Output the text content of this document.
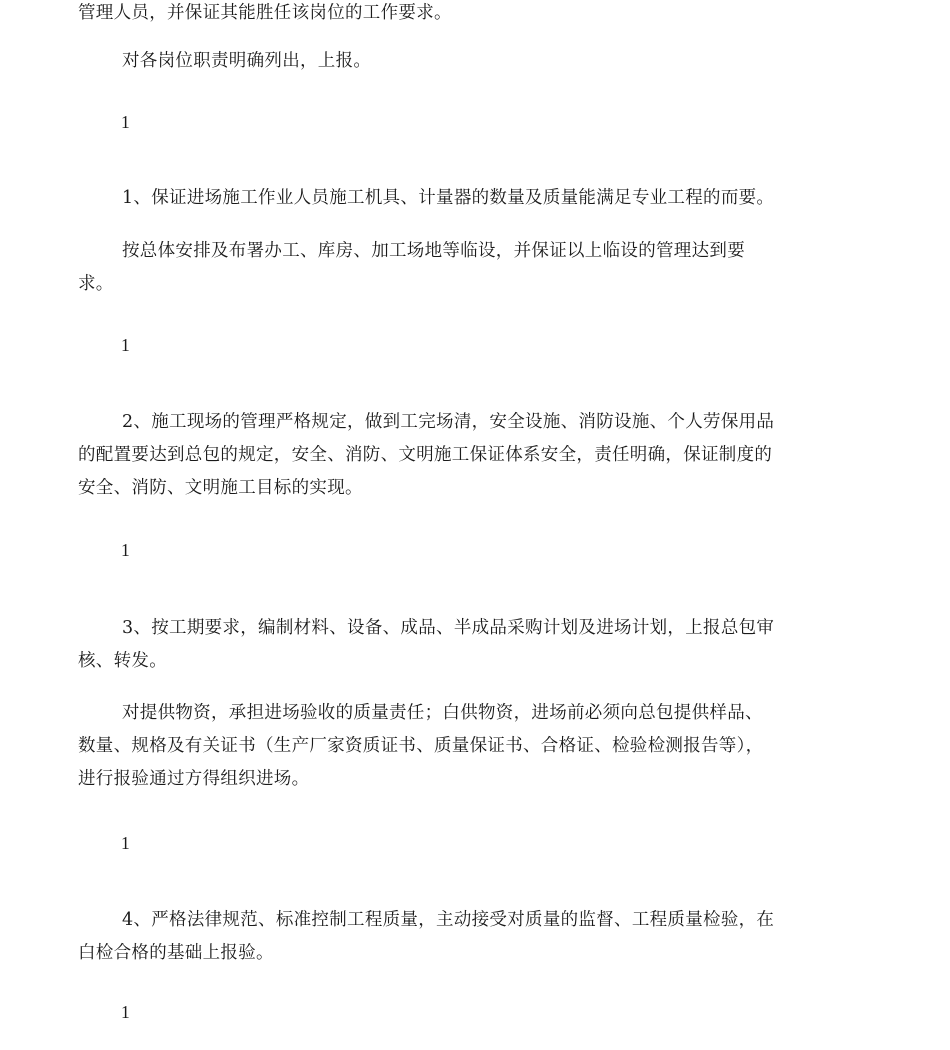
管理人员，并保证其能胜任该岗位的工作要求。

对各岗位职责明确列出，上报。

1

1、保证进场施工作业人员施工机具、计量器的数量及质量能满足专业工程的而要。

按总体安排及布署办工、库房、加工场地等临设，并保证以上临设的管理达到要
求。

1

2、施工现场的管理严格规定，做到工完场清，安全设施、消防设施、个人劳保用品
的配置要达到总包的规定，安全、消防、文明施工保证体系安全，责任明确，保证制度的
安全、消防、文明施工目标的实现。

1

3、按工期要求，编制材料、设备、成品、半成品采购计划及进场计划，上报总包审
核、转发。

对提供物资，承担进场验收的质量责任；白供物资，进场前必须向总包提供样品、
数量、规格及有关证书（生产厂家资质证书、质量保证书、合格证、检验检测报告等），
进行报验通过方得组织进场。

1

4、严格法律规范、标准控制工程质量，主动接受对质量的监督、工程质量检验，在
白检合格的基础上报验。

1
